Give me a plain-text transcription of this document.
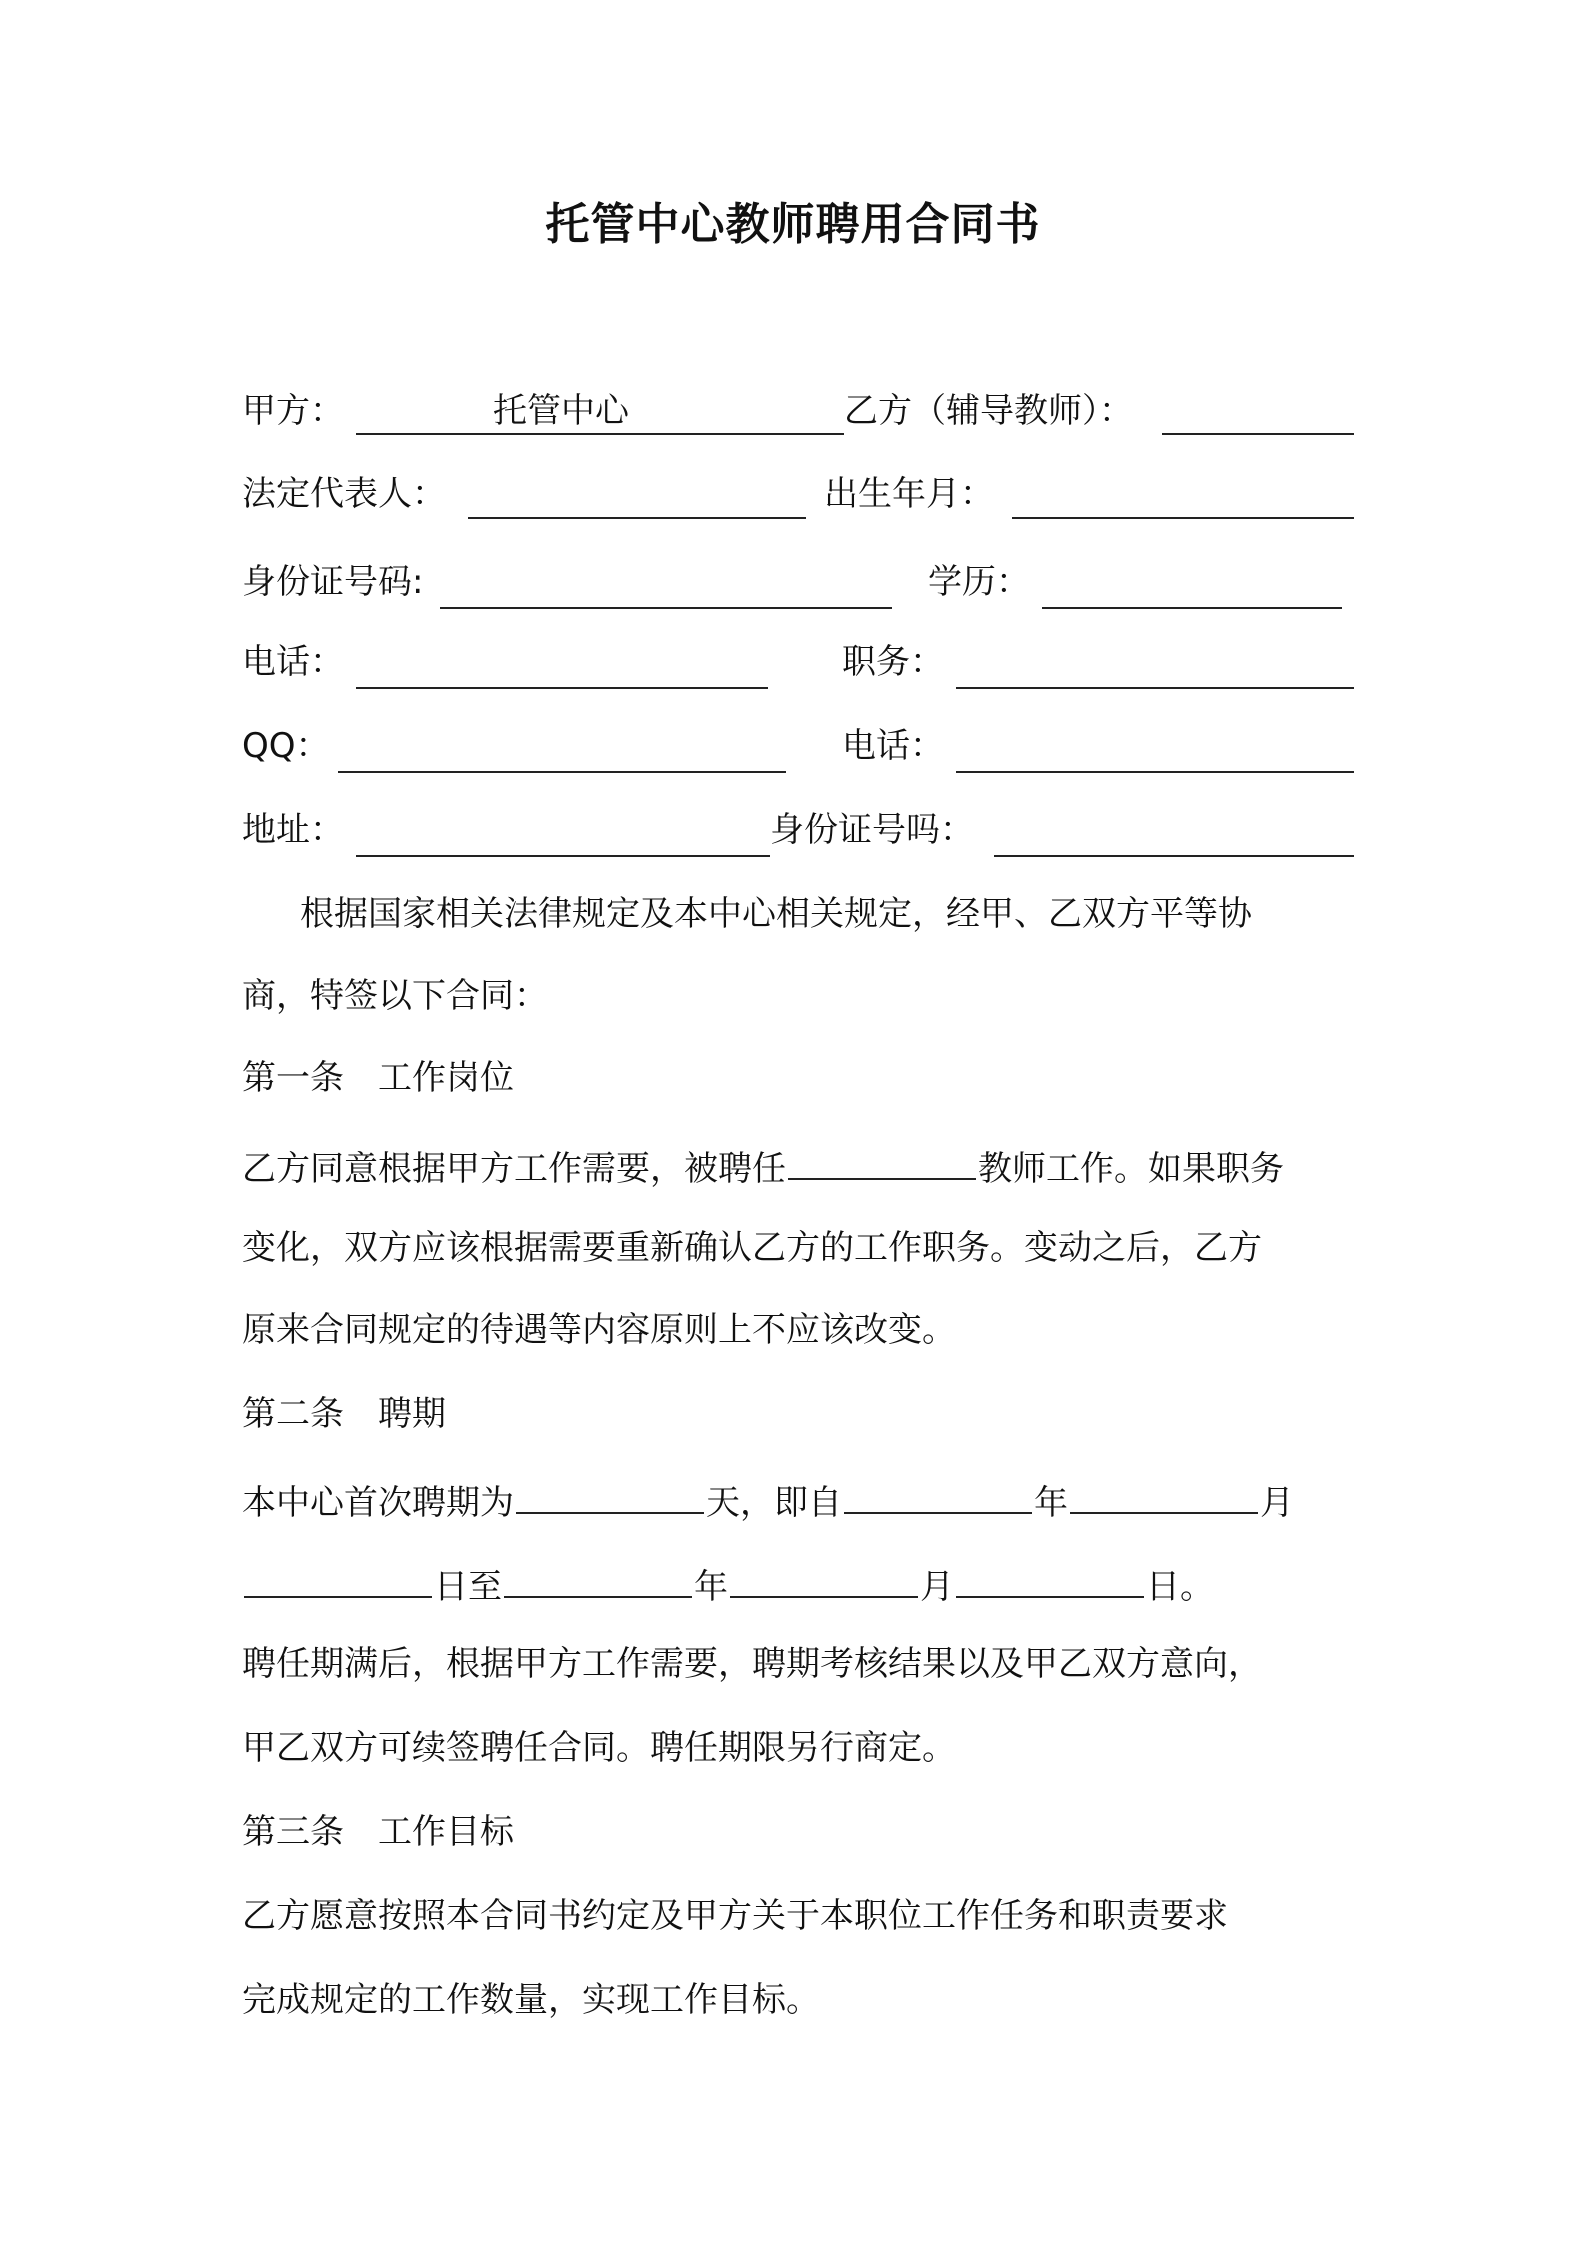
托管中心教师聘用合同书
甲方：	托管中心	乙方（辅导教师）：
法定代表人：	出生年月：
身份证号码:	学历：
电话：	职务：
QQ：	电话：
地址：	身份证号吗：
根据国家相关法律规定及本中心相关规定，经甲、乙双方平等协
商，特签以下合同：
第一条　工作岗位
乙方同意根据甲方工作需要，被聘任	教师工作。如果职务
变化，双方应该根据需要重新确认乙方的工作职务。变动之后，乙方
原来合同规定的待遇等内容原则上不应该改变。
第二条　聘期
本中心首次聘期为	天，即自	年	月
日至	年	月	日。
聘任期满后，根据甲方工作需要，聘期考核结果以及甲乙双方意向，
甲乙双方可续签聘任合同。聘任期限另行商定。
第三条　工作目标
乙方愿意按照本合同书约定及甲方关于本职位工作任务和职责要求
完成规定的工作数量，实现工作目标。
